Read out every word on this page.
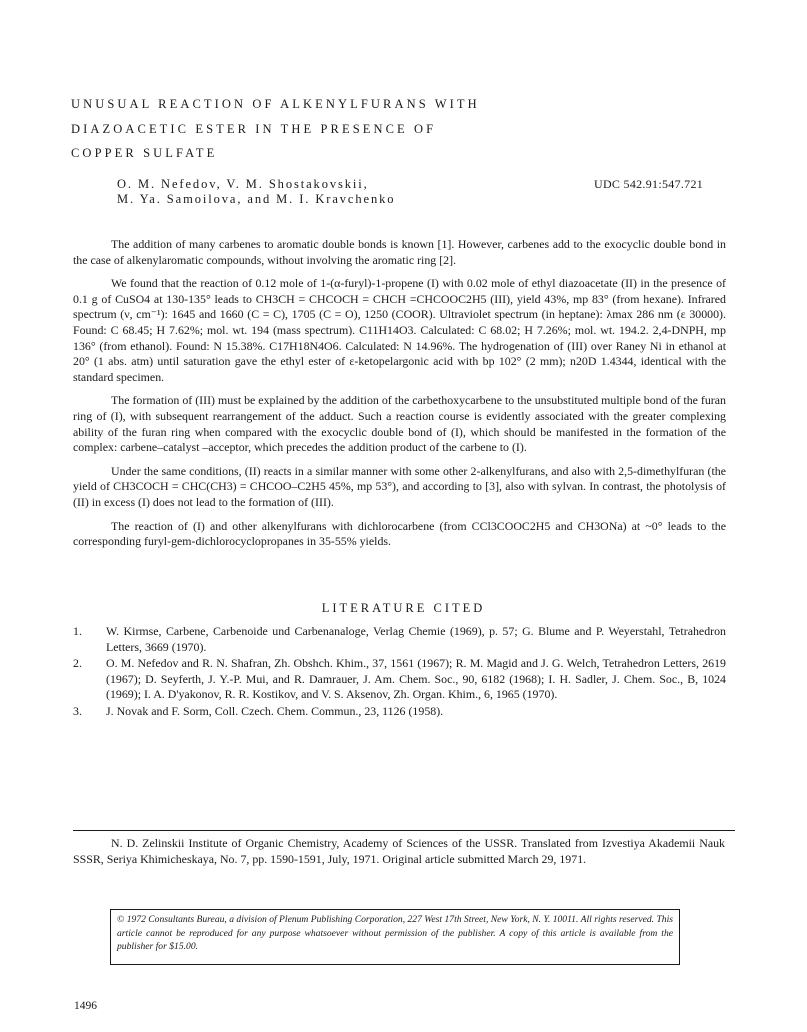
UNUSUAL REACTION OF ALKENYLFURANS WITH
DIAZOACETIC ESTER IN THE PRESENCE OF
COPPER SULFATE
O. M. Nefedov, V. M. Shostakovskii,
M. Ya. Samoilova, and M. I. Kravchenko
UDC 542.91:547.721

The addition of many carbenes to aromatic double bonds is known [1]. However, carbenes add to the exocyclic double bond in the case of alkenylaromatic compounds, without involving the aromatic ring [2].

We found that the reaction of 0.12 mole of 1-(α-furyl)-1-propene (I) with 0.02 mole of ethyl diazoacetate (II) in the presence of 0.1 g of CuSO4 at 130-135° leads to CH3CH = CHCOCH = CHCH =CHCOOC2H5 (III), yield 43%, mp 83° (from hexane). Infrared spectrum (ν, cm⁻¹): 1645 and 1660 (C = C), 1705 (C = O), 1250 (COOR). Ultraviolet spectrum (in heptane): λmax 286 nm (ε 30000). Found: C 68.45; H 7.62%; mol. wt. 194 (mass spectrum). C11H14O3. Calculated: C 68.02; H 7.26%; mol. wt. 194.2. 2,4-DNPH, mp 136° (from ethanol). Found: N 15.38%. C17H18N4O6. Calculated: N 14.96%. The hydrogenation of (III) over Raney Ni in ethanol at 20° (1 abs. atm) until saturation gave the ethyl ester of ε-ketopelargonic acid with bp 102° (2 mm); n20D 1.4344, identical with the standard specimen.

The formation of (III) must be explained by the addition of the carbethoxycarbene to the unsubstituted multiple bond of the furan ring of (I), with subsequent rearrangement of the adduct. Such a reaction course is evidently associated with the greater complexing ability of the furan ring when compared with the exocyclic double bond of (I), which should be manifested in the formation of the complex: carbene–catalyst –acceptor, which precedes the addition product of the carbene to (I).

Under the same conditions, (II) reacts in a similar manner with some other 2-alkenylfurans, and also with 2,5-dimethylfuran (the yield of CH3COCH = CHC(CH3) = CHCOO–C2H5 45%, mp 53°), and according to [3], also with sylvan. In contrast, the photolysis of (II) in excess (I) does not lead to the formation of (III).

The reaction of (I) and other alkenylfurans with dichlorocarbene (from CCl3COOC2H5 and CH3ONa) at ~0° leads to the corresponding furyl-gem-dichlorocyclopropanes in 35-55% yields.

LITERATURE CITED
1. W. Kirmse, Carbene, Carbenoide und Carbenanaloge, Verlag Chemie (1969), p. 57; G. Blume and P. Weyerstahl, Tetrahedron Letters, 3669 (1970).
2. O. M. Nefedov and R. N. Shafran, Zh. Obshch. Khim., 37, 1561 (1967); R. M. Magid and J. G. Welch, Tetrahedron Letters, 2619 (1967); D. Seyferth, J. Y.-P. Mui, and R. Damrauer, J. Am. Chem. Soc., 90, 6182 (1968); I. H. Sadler, J. Chem. Soc., B, 1024 (1969); I. A. D'yakonov, R. R. Kostikov, and V. S. Aksenov, Zh. Organ. Khim., 6, 1965 (1970).
3. J. Novak and F. Sorm, Coll. Czech. Chem. Commun., 23, 1126 (1958).
N. D. Zelinskii Institute of Organic Chemistry, Academy of Sciences of the USSR. Translated from Izvestiya Akademii Nauk SSSR, Seriya Khimicheskaya, No. 7, pp. 1590-1591, July, 1971. Original article submitted March 29, 1971.
© 1972 Consultants Bureau, a division of Plenum Publishing Corporation, 227 West 17th Street, New York, N. Y. 10011. All rights reserved. This article cannot be reproduced for any purpose whatsoever without permission of the publisher. A copy of this article is available from the publisher for $15.00.
1496
